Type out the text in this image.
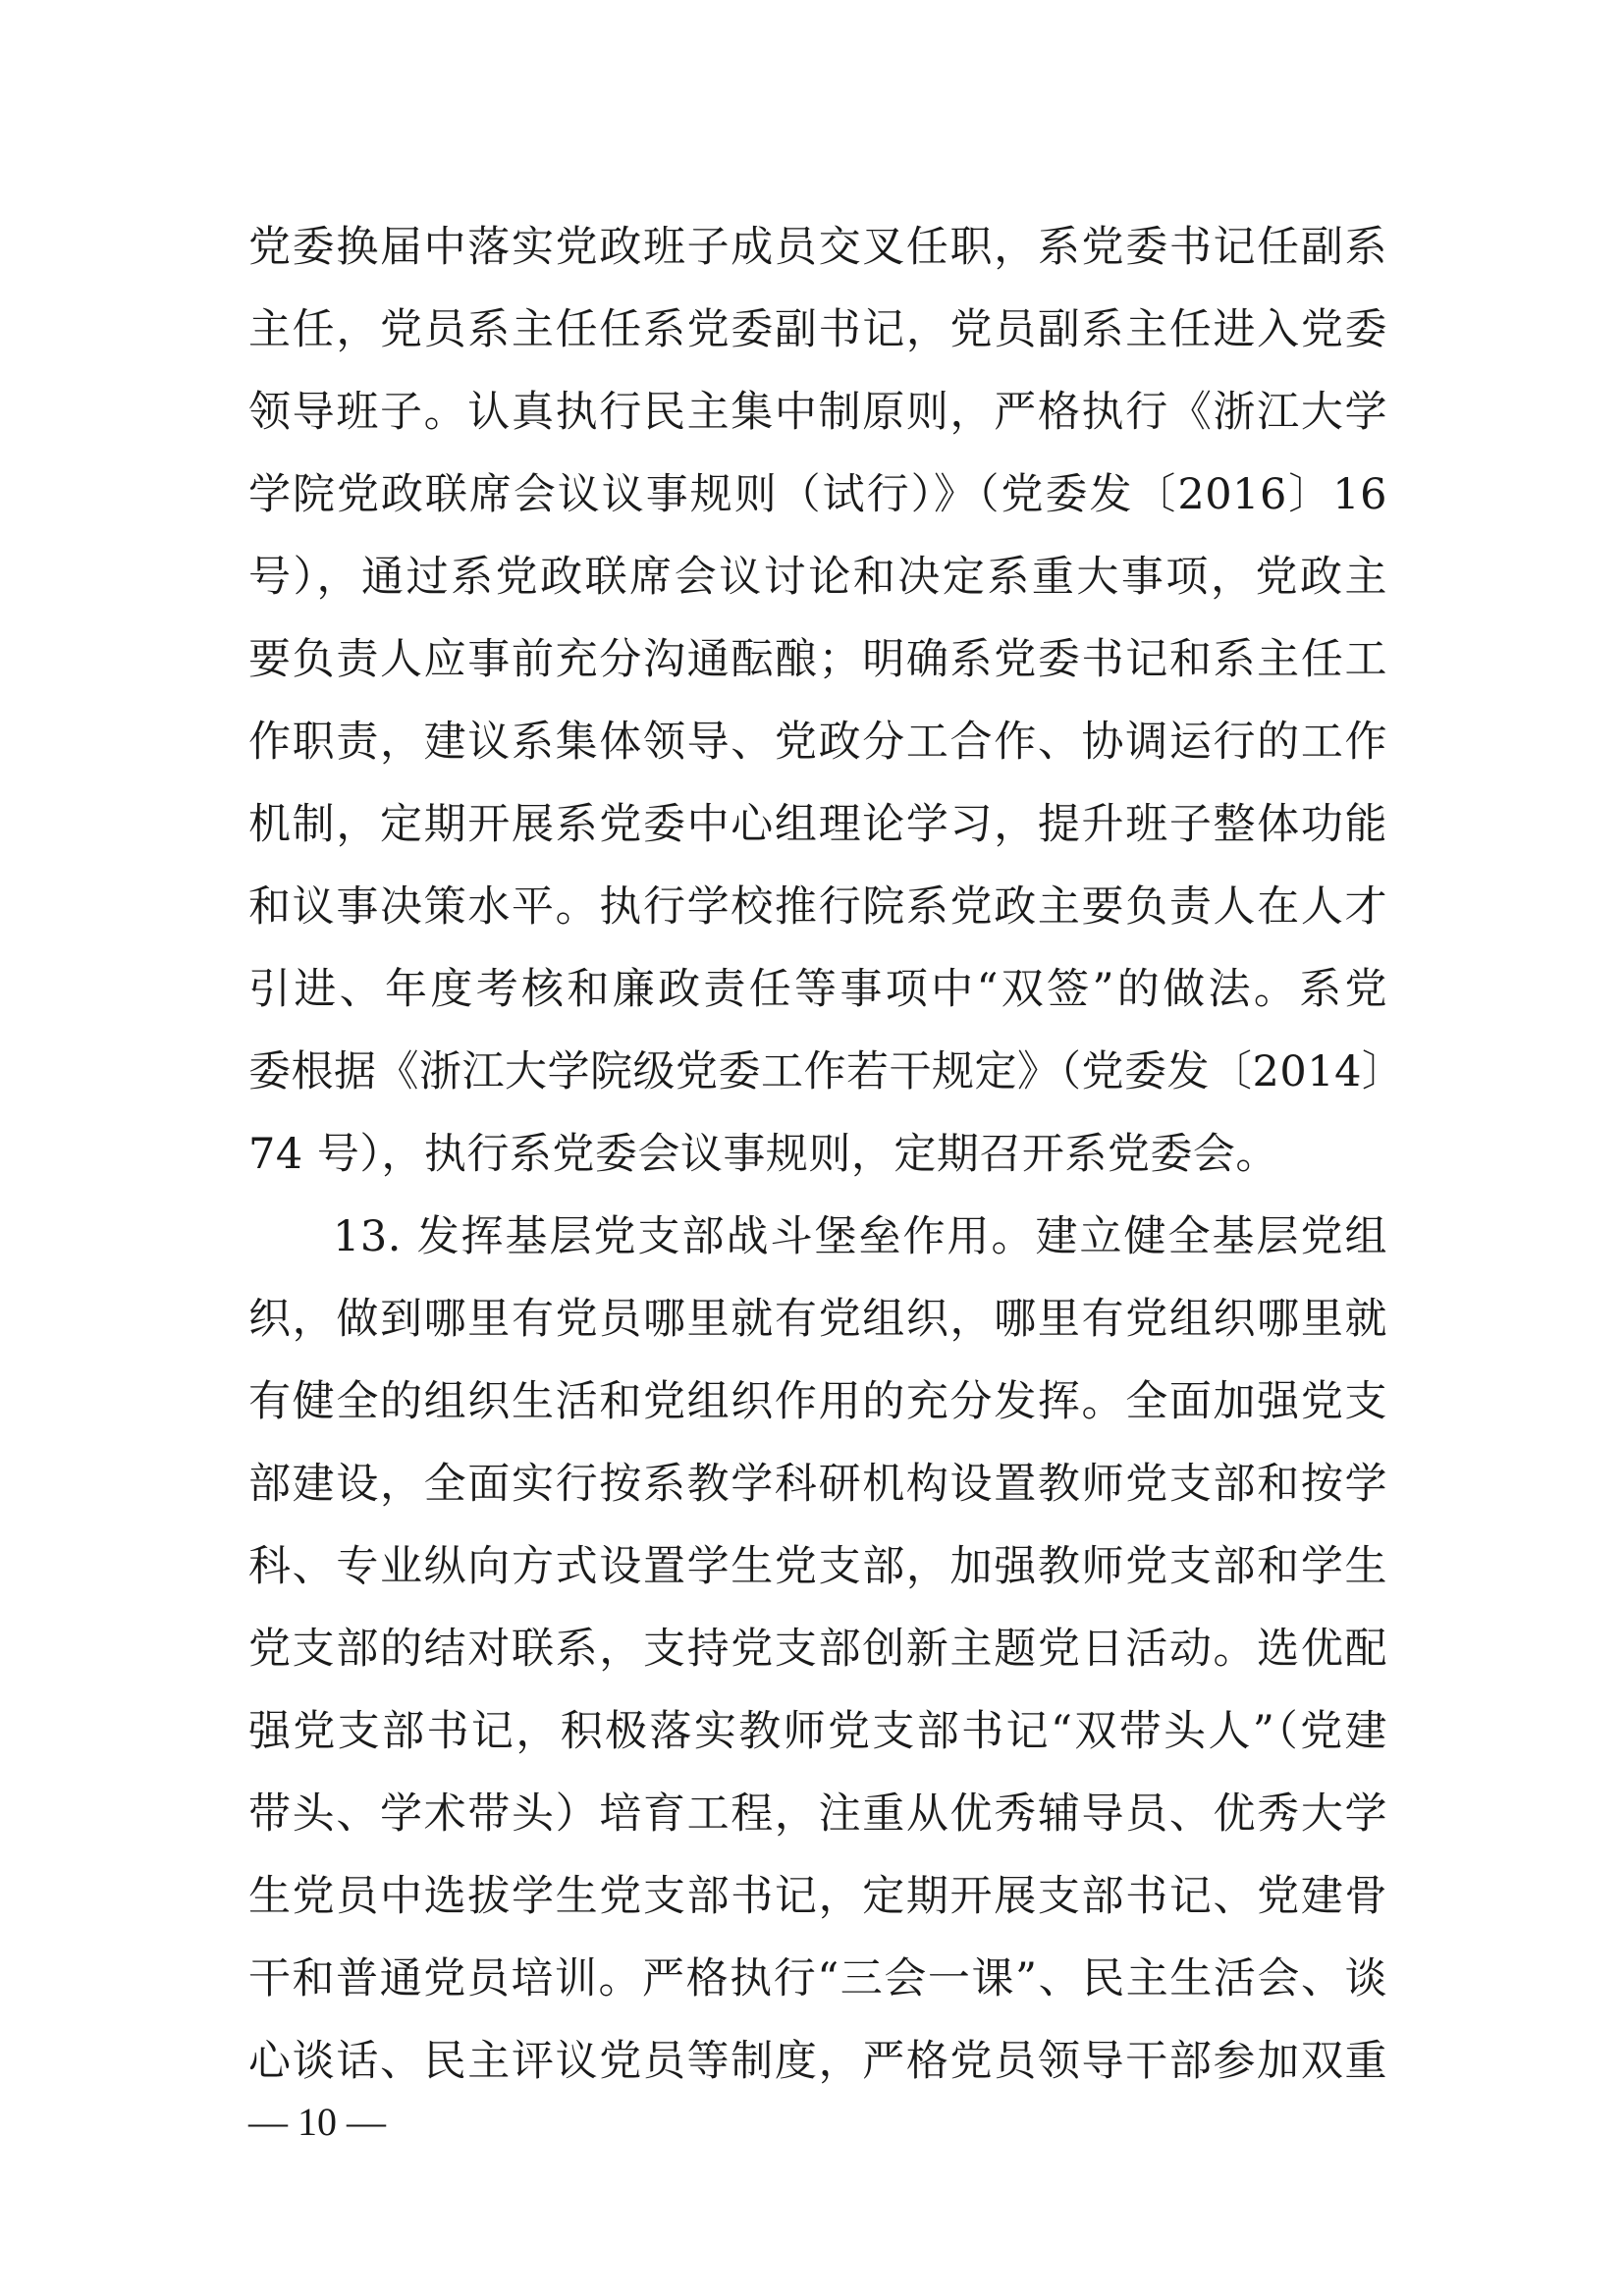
党委换届中落实党政班子成员交叉任职，系党委书记任副系
主任，党员系主任任系党委副书记，党员副系主任进入党委
领导班子。认真执行民主集中制原则，严格执行《浙江大学
学院党政联席会议议事规则（试行）》（党委发〔2016〕16
号），通过系党政联席会议讨论和决定系重大事项，党政主
要负责人应事前充分沟通酝酿；明确系党委书记和系主任工
作职责，建议系集体领导、党政分工合作、协调运行的工作
机制，定期开展系党委中心组理论学习，提升班子整体功能
和议事决策水平。执行学校推行院系党政主要负责人在人才
引进、年度考核和廉政责任等事项中“双签”的做法。系党
委根据《浙江大学院级党委工作若干规定》（党委发〔2014〕
74 号），执行系党委会议事规则，定期召开系党委会。
13. 发挥基层党支部战斗堡垒作用。建立健全基层党组
织，做到哪里有党员哪里就有党组织，哪里有党组织哪里就
有健全的组织生活和党组织作用的充分发挥。全面加强党支
部建设，全面实行按系教学科研机构设置教师党支部和按学
科、专业纵向方式设置学生党支部，加强教师党支部和学生
党支部的结对联系，支持党支部创新主题党日活动。选优配
强党支部书记，积极落实教师党支部书记“双带头人”（党建
带头、学术带头）培育工程，注重从优秀辅导员、优秀大学
生党员中选拔学生党支部书记，定期开展支部书记、党建骨
干和普通党员培训。严格执行“三会一课”、民主生活会、谈
心谈话、民主评议党员等制度，严格党员领导干部参加双重
— 10 —
